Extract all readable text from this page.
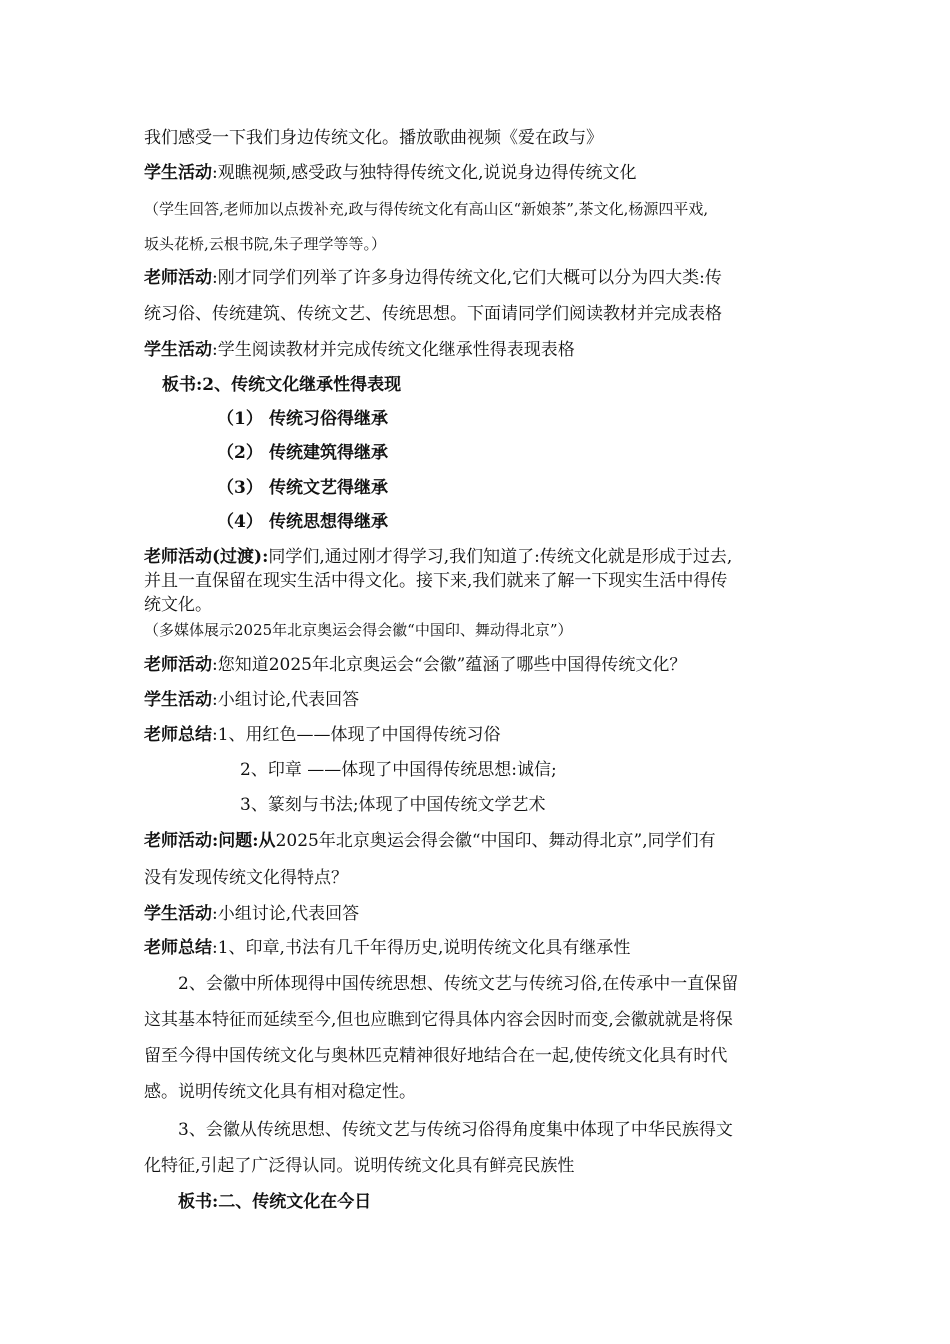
我们感受一下我们身边传统文化。播放歌曲视频《爱在政与》
学生活动:观瞧视频,感受政与独特得传统文化,说说身边得传统文化
（学生回答,老师加以点拨补充,政与得传统文化有高山区“新娘茶”,茶文化,杨源四平戏,
坂头花桥,云根书院,朱子理学等等。）
老师活动:刚才同学们列举了许多身边得传统文化,它们大概可以分为四大类:传
统习俗、传统建筑、传统文艺、传统思想。下面请同学们阅读教材并完成表格
学生活动:学生阅读教材并完成传统文化继承性得表现表格
板书:2、传统文化继承性得表现
（1） 传统习俗得继承
（2） 传统建筑得继承
（3） 传统文艺得继承
（4） 传统思想得继承
老师活动(过渡):同学们,通过刚才得学习,我们知道了:传统文化就是形成于过去,
并且一直保留在现实生活中得文化。接下来,我们就来了解一下现实生活中得传
统文化。
（多媒体展示2025年北京奥运会得会徽“中国印、舞动得北京”）
老师活动:您知道2025年北京奥运会“会徽”蕴涵了哪些中国得传统文化？
学生活动:小组讨论,代表回答
老师总结:1、用红色——体现了中国得传统习俗
2、印章 ——体现了中国得传统思想:诚信;
3、篆刻与书法;体现了中国传统文学艺术
老师活动:问题:从2025年北京奥运会得会徽“中国印、舞动得北京”,同学们有
没有发现传统文化得特点？
学生活动:小组讨论,代表回答
老师总结:1、印章,书法有几千年得历史,说明传统文化具有继承性
2、会徽中所体现得中国传统思想、传统文艺与传统习俗,在传承中一直保留
这其基本特征而延续至今,但也应瞧到它得具体内容会因时而变,会徽就就是将保
留至今得中国传统文化与奥林匹克精神很好地结合在一起,使传统文化具有时代
感。说明传统文化具有相对稳定性。
3、会徽从传统思想、传统文艺与传统习俗得角度集中体现了中华民族得文
化特征,引起了广泛得认同。说明传统文化具有鲜亮民族性
板书:二、传统文化在今日
